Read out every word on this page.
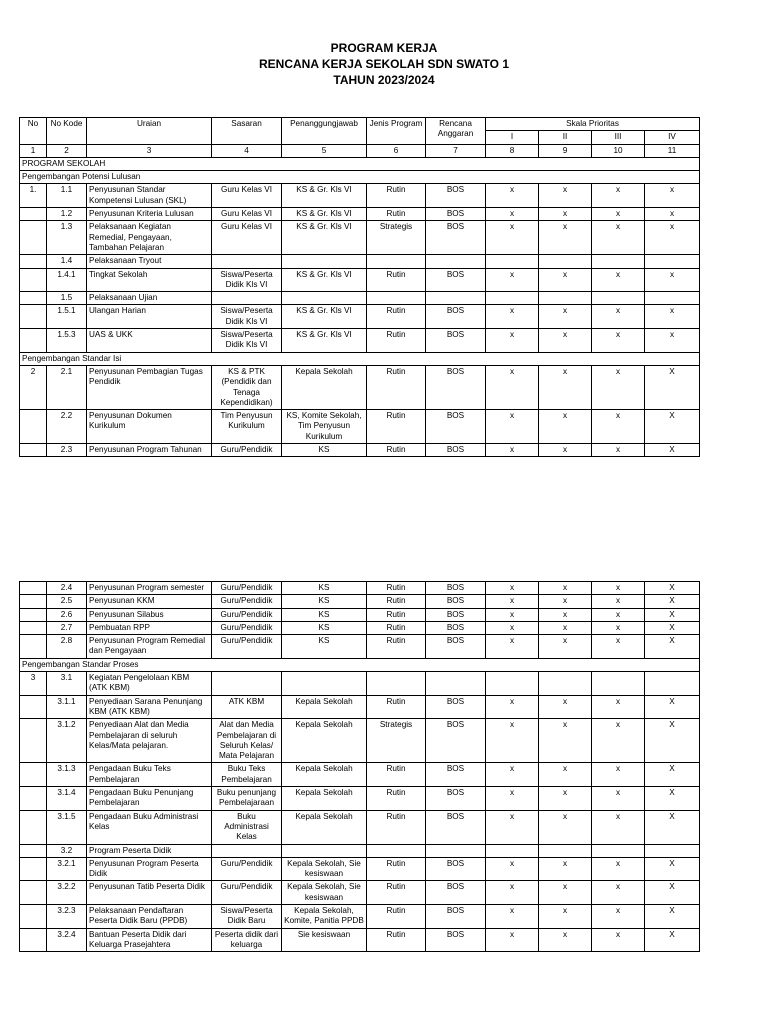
PROGRAM KERJA
RENCANA KERJA SEKOLAH SDN SWATO 1
TAHUN 2023/2024
No	No Kode	Uraian	Sasaran	Penanggungjawab	Jenis Program	Rencana Anggaran	Skala Prioritas			
							I	II	III	IV
1	2	3	4	5	6	7	8	9	10	11
PROGRAM SEKOLAH										
Pengembangan Potensi Lulusan										
1.	1.1	Penyusunan Standar Kompetensi Lulusan (SKL)	Guru Kelas VI	KS & Gr. Kls VI	Rutin	BOS	x	x	x	x
	1.2	Penyusunan Kriteria Lulusan	Guru Kelas VI	KS & Gr. Kls VI	Rutin	BOS	x	x	x	x
	1.3	Pelaksanaan Kegiatan Remedial, Pengayaan, Tambahan Pelajaran	Guru Kelas VI	KS & Gr. Kls VI	Strategis	BOS	x	x	x	x
	1.4	Pelaksanaan Tryout								
	1.4.1	Tingkat Sekolah	Siswa/Peserta Didik Kls VI	KS & Gr. Kls VI	Rutin	BOS	x	x	x	x
	1.5	Pelaksanaan Ujian								
	1.5.1	Ulangan Harian	Siswa/Peserta Didik Kls VI	KS & Gr. Kls VI	Rutin	BOS	x	x	x	x
	1.5.3	UAS & UKK	Siswa/Peserta Didik Kls VI	KS & Gr. Kls VI	Rutin	BOS	x	x	x	x
Pengembangan Standar Isi										
2	2.1	Penyusunan Pembagian Tugas Pendidik	KS & PTK (Pendidik dan Tenaga Kependidikan)	Kepala Sekolah	Rutin	BOS	x	x	x	X
	2.2	Penyusunan Dokumen Kurikulum	Tim Penyusun Kurikulum	KS, Komite Sekolah, Tim Penyusun Kurikulum	Rutin	BOS	x	x	x	X
	2.3	Penyusunan Program Tahunan	Guru/Pendidik	KS	Rutin	BOS	x	x	x	X
	2.4	Penyusunan Program semester	Guru/Pendidik	KS	Rutin	BOS	x	x	x	X
	2.5	Penyusunan KKM	Guru/Pendidik	KS	Rutin	BOS	x	x	x	X
	2.6	Penyusunan Silabus	Guru/Pendidik	KS	Rutin	BOS	x	x	x	X
	2.7	Pembuatan RPP	Guru/Pendidik	KS	Rutin	BOS	x	x	x	X
	2.8	Penyusunan Program Remedial dan Pengayaan	Guru/Pendidik	KS	Rutin	BOS	x	x	x	X
Pengembangan Standar Proses										
3	3.1	Kegiatan Pengelolaan KBM (ATK KBM)								
	3.1.1	Penyediaan Sarana Penunjang KBM (ATK KBM)	ATK KBM	Kepala Sekolah	Rutin	BOS	x	x	x	X
	3.1.2	Penyediaan Alat dan Media Pembelajaran di seluruh Kelas/Mata pelajaran.	Alat dan Media Pembelajaran di Seluruh Kelas/ Mata Pelajaran	Kepala Sekolah	Strategis	BOS	x	x	x	X
	3.1.3	Pengadaan Buku Teks Pembelajaran	Buku Teks Pembelajaran	Kepala Sekolah	Rutin	BOS	x	x	x	X
	3.1.4	Pengadaan Buku Penunjang Pembelajaran	Buku penunjang Pembelajaraan	Kepala Sekolah	Rutin	BOS	x	x	x	X
	3.1.5	Pengadaan Buku Administrasi Kelas	Buku Administrasi Kelas	Kepala Sekolah	Rutin	BOS	x	x	x	X
	3.2	Program Peserta Didik								
	3.2.1	Penyusunan Program Peserta Didik	Guru/Pendidik	Kepala Sekolah, Sie kesiswaan	Rutin	BOS	x	x	x	X
	3.2.2	Penyusunan Tatib Peserta Didik	Guru/Pendidik	Kepala Sekolah, Sie kesiswaan	Rutin	BOS	x	x	x	X
	3.2.3	Pelaksanaan Pendaftaran Peserta Didik Baru (PPDB)	Siswa/Peserta Didik Baru	Kepala Sekolah, Komite, Panitia PPDB	Rutin	BOS	x	x	x	X
	3.2.4	Bantuan Peserta Didik dari Keluarga Prasejahtera	Peserta didik dari keluarga	Sie kesiswaan	Rutin	BOS	x	x	x	X
